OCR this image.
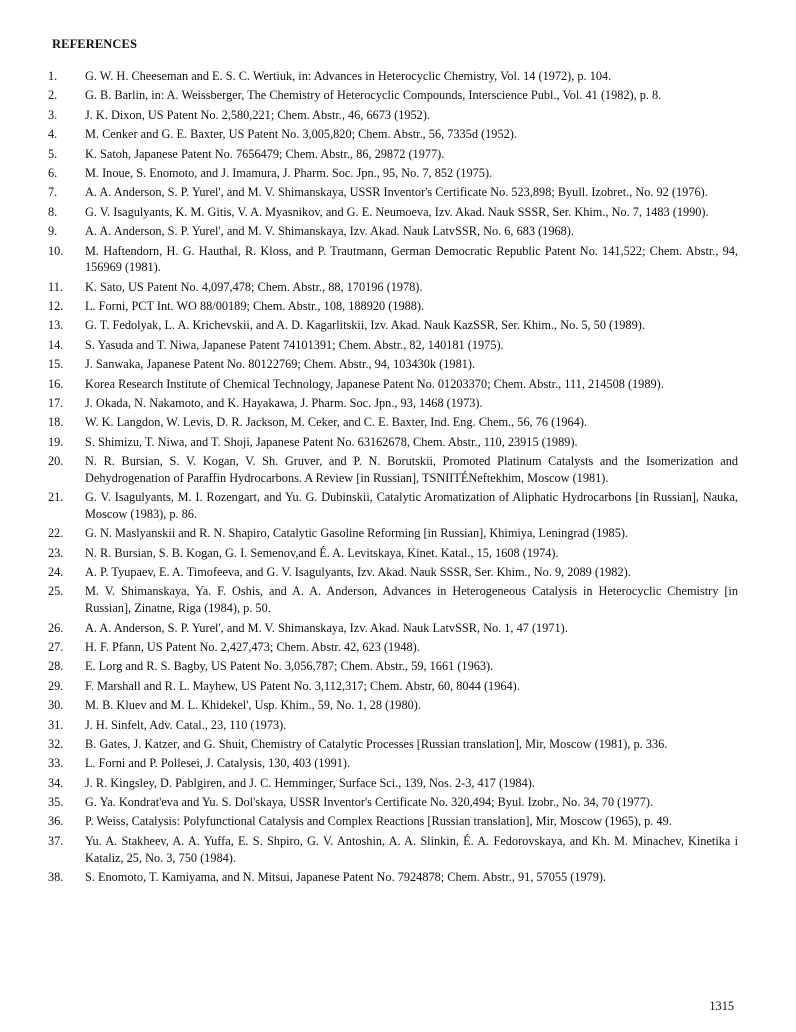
REFERENCES
1.	G. W. H. Cheeseman and E. S. C. Wertiuk, in: Advances in Heterocyclic Chemistry, Vol. 14 (1972), p. 104.
2.	G. B. Barlin, in: A. Weissberger, The Chemistry of Heterocyclic Compounds, Interscience Publ., Vol. 41 (1982), p. 8.
3.	J. K. Dixon, US Patent No. 2,580,221; Chem. Abstr., 46, 6673 (1952).
4.	M. Cenker and G. E. Baxter, US Patent No. 3,005,820; Chem. Abstr., 56, 7335d (1952).
5.	K. Satoh, Japanese Patent No. 7656479; Chem. Abstr., 86, 29872 (1977).
6.	M. Inoue, S. Enomoto, and J. Imamura, J. Pharm. Soc. Jpn., 95, No. 7, 852 (1975).
7.	A. A. Anderson, S. P. Yurel', and M. V. Shimanskaya, USSR Inventor's Certificate No. 523,898; Byull. Izobret., No. 92 (1976).
8.	G. V. Isagulyants, K. M. Gitis, V. A. Myasnikov, and G. E. Neumoeva, Izv. Akad. Nauk SSSR, Ser. Khim., No. 7, 1483 (1990).
9.	A. A. Anderson, S. P. Yurel', and M. V. Shimanskaya, Izv. Akad. Nauk LatvSSR, No. 6, 683 (1968).
10.	M. Haftendorn, H. G. Hauthal, R. Kloss, and P. Trautmann, German Democratic Republic Patent No. 141,522; Chem. Abstr., 94, 156969 (1981).
11.	K. Sato, US Patent No. 4,097,478; Chem. Abstr., 88, 170196 (1978).
12.	L. Forni, PCT Int. WO 88/00189; Chem. Abstr., 108, 188920 (1988).
13.	G. T. Fedolyak, L. A. Krichevskii, and A. D. Kagarlitskii, Izv. Akad. Nauk KazSSR, Ser. Khim., No. 5, 50 (1989).
14.	S. Yasuda and T. Niwa, Japanese Patent 74101391; Chem. Abstr., 82, 140181 (1975).
15.	J. Sanwaka, Japanese Patent No. 80122769; Chem. Abstr., 94, 103430k (1981).
16.	Korea Research Institute of Chemical Technology, Japanese Patent No. 01203370; Chem. Abstr., 111, 214508 (1989).
17.	J. Okada, N. Nakamoto, and K. Hayakawa, J. Pharm. Soc. Jpn., 93, 1468 (1973).
18.	W. K. Langdon, W. Levis, D. R. Jackson, M. Ceker, and C. E. Baxter, Ind. Eng. Chem., 56, 76 (1964).
19.	S. Shimizu, T. Niwa, and T. Shoji, Japanese Patent No. 63162678, Chem. Abstr., 110, 23915 (1989).
20.	N. R. Bursian, S. V. Kogan, V. Sh. Gruver, and P. N. Borutskii, Promoted Platinum Catalysts and the Isomerization and Dehydrogenation of Paraffin Hydrocarbons. A Review [in Russian], TSNIITÉNeftekhim, Moscow (1981).
21.	G. V. Isagulyants, M. I. Rozengart, and Yu. G. Dubinskii, Catalytic Aromatization of Aliphatic Hydrocarbons [in Russian], Nauka, Moscow (1983), p. 86.
22.	G. N. Maslyanskii and R. N. Shapiro, Catalytic Gasoline Reforming [in Russian], Khimiya, Leningrad (1985).
23.	N. R. Bursian, S. B. Kogan, G. I. Semenov,and É. A. Levitskaya, Kinet. Katal., 15, 1608 (1974).
24.	A. P. Tyupaev, E. A. Timofeeva, and G. V. Isagulyants, Izv. Akad. Nauk SSSR, Ser. Khim., No. 9, 2089 (1982).
25.	M. V. Shimanskaya, Ya. F. Oshis, and A. A. Anderson, Advances in Heterogeneous Catalysis in Heterocyclic Chemistry [in Russian], Zinatne, Riga (1984), p. 50.
26.	A. A. Anderson, S. P. Yurel', and M. V. Shimanskaya, Izv. Akad. Nauk LatvSSR, No. 1, 47 (1971).
27.	H. F. Pfann, US Patent No. 2,427,473; Chem. Abstr. 42, 623 (1948).
28.	E. Lorg and R. S. Bagby, US Patent No. 3,056,787; Chem. Abstr., 59, 1661 (1963).
29.	F. Marshall and R. L. Mayhew, US Patent No. 3,112,317; Chem. Abstr, 60, 8044 (1964).
30.	M. B. Kluev and M. L. Khidekel', Usp. Khim., 59, No. 1, 28 (1980).
31.	J. H. Sinfelt, Adv. Catal., 23, 110 (1973).
32.	B. Gates, J. Katzer, and G. Shuit, Chemistry of Catalytic Processes [Russian translation], Mir, Moscow (1981), p. 336.
33.	L. Forni and P. Pollesei, J. Catalysis, 130, 403 (1991).
34.	J. R. Kingsley, D. Pablgiren, and J. C. Hemminger, Surface Sci., 139, Nos. 2-3, 417 (1984).
35.	G. Ya. Kondrat'eva and Yu. S. Dol'skaya, USSR Inventor's Certificate No. 320,494; Byul. Izobr., No. 34, 70 (1977).
36.	P. Weiss, Catalysis: Polyfunctional Catalysis and Complex Reactions [Russian translation], Mir, Moscow (1965), p. 49.
37.	Yu. A. Stakheev, A. A. Yuffa, E. S. Shpiro, G. V. Antoshin, A. A. Slinkin, É. A. Fedorovskaya, and Kh. M. Minachev, Kinetika i Kataliz, 25, No. 3, 750 (1984).
38.	S. Enomoto, T. Kamiyama, and N. Mitsui, Japanese Patent No. 7924878; Chem. Abstr., 91, 57055 (1979).
1315
